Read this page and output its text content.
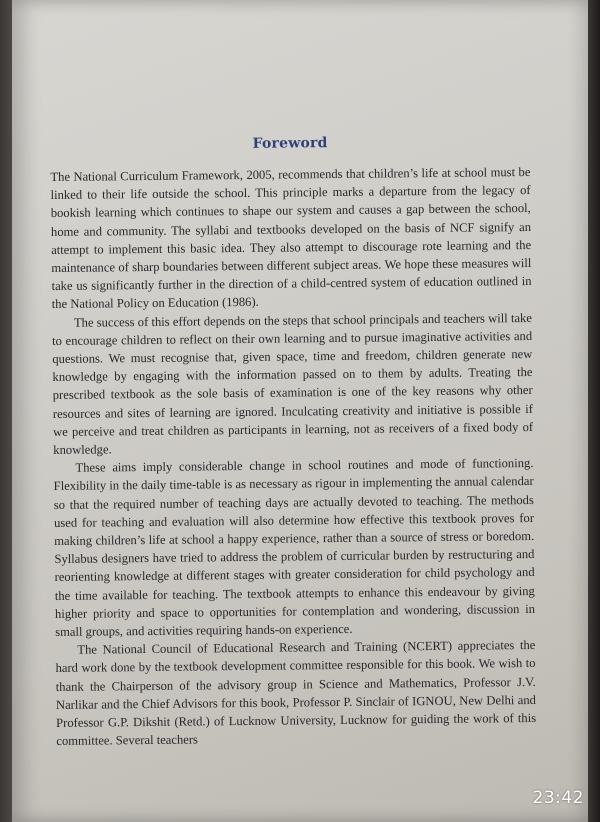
Foreword

The National Curriculum Framework, 2005, recommends that children’s life at school must be linked to their life outside the school. This principle marks a departure from the legacy of bookish learning which continues to shape our system and causes a gap between the school, home and community. The syllabi and textbooks developed on the basis of NCF signify an attempt to implement this basic idea. They also attempt to discourage rote learning and the maintenance of sharp boundaries between different subject areas. We hope these measures will take us significantly further in the direction of a child-centred system of education outlined in the National Policy on Education (1986).

The success of this effort depends on the steps that school principals and teachers will take to encourage children to reflect on their own learning and to pursue imaginative activities and questions. We must recognise that, given space, time and freedom, children generate new knowledge by engaging with the information passed on to them by adults. Treating the prescribed textbook as the sole basis of examination is one of the key reasons why other resources and sites of learning are ignored. Inculcating creativity and initiative is possible if we perceive and treat children as participants in learning, not as receivers of a fixed body of knowledge.

These aims imply considerable change in school routines and mode of functioning. Flexibility in the daily time-table is as necessary as rigour in implementing the annual calendar so that the required number of teaching days are actually devoted to teaching. The methods used for teaching and evaluation will also determine how effective this textbook proves for making children’s life at school a happy experience, rather than a source of stress or boredom. Syllabus designers have tried to address the problem of curricular burden by restructuring and reorienting knowledge at different stages with greater consideration for child psychology and the time available for teaching. The textbook attempts to enhance this endeavour by giving higher priority and space to opportunities for contemplation and wondering, discussion in small groups, and activities requiring hands-on experience.

The National Council of Educational Research and Training (NCERT) appreciates the hard work done by the textbook development committee responsible for this book. We wish to thank the Chairperson of the advisory group in Science and Mathematics, Professor J.V. Narlikar and the Chief Advisors for this book, Professor P. Sinclair of IGNOU, New Delhi and Professor G.P. Dikshit (Retd.) of Lucknow University, Lucknow for guiding the work of this committee. Several teachers

23:42
